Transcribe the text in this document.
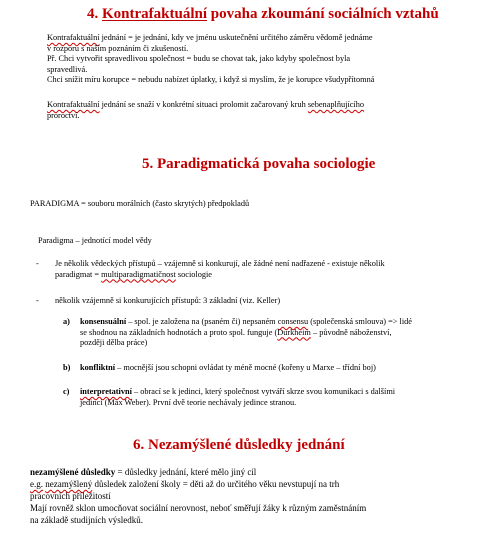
4. Kontrafaktuální povaha zkoumání sociálních vztahů
Kontrafaktuální jednání = je jednání, kdy ve jménu uskutečnění určitého záměru vědomě jednáme
v rozporu s naším poznáním či zkušeností.
Př. Chci vytvořit spravedlivou společnost = budu se chovat tak, jako kdyby společnost byla
spravedlivá.
Chci snížit míru korupce = nebudu nabízet úplatky, i když si myslím, že je korupce všudypřítomná
Kontrafaktuální jednání se snaží v konkrétní situaci prolomit začarovaný kruh sebenaplňujícího
proroctví.
5. Paradigmatická povaha sociologie
PARADIGMA = souboru morálních (často skrytých) předpokladů
Paradigma – jednotící model vědy
- Je několik vědeckých přístupů – vzájemně si konkurují, ale žádné není nadřazené - existuje několik
paradigmat = multiparadigmatičnost sociologie
- několik vzájemně si konkurujících přístupů: 3 základní (viz. Keller)
a) konsensuální – spol. je založena na (psaném či) nepsaném consensu (společenská smlouva) => lidé
se shodnou na základních hodnotách a proto spol. funguje (Durkheim – původně náboženství,
později dělba práce)
b) konfliktní – mocnější jsou schopni ovládat ty méně mocné (kořeny u Marxe – třídní boj)
c) interpretativní – obrací se k jedinci, který společnost vytváří skrze svou komunikaci s dalšími
jedinci (Max Weber). První dvě teorie nechávaly jedince stranou.
6. Nezamýšlené důsledky jednání
nezamýšlené důsledky = důsledky jednání, které mělo jiný cíl
e.g. nezamýšlený důsledek založení školy = děti až do určitého věku nevstupují na trh
pracovních příležitostí
Mají rovněž sklon umocňovat sociální nerovnost, neboť směřují žáky k různým zaměstnáním
na základě studijních výsledků.
